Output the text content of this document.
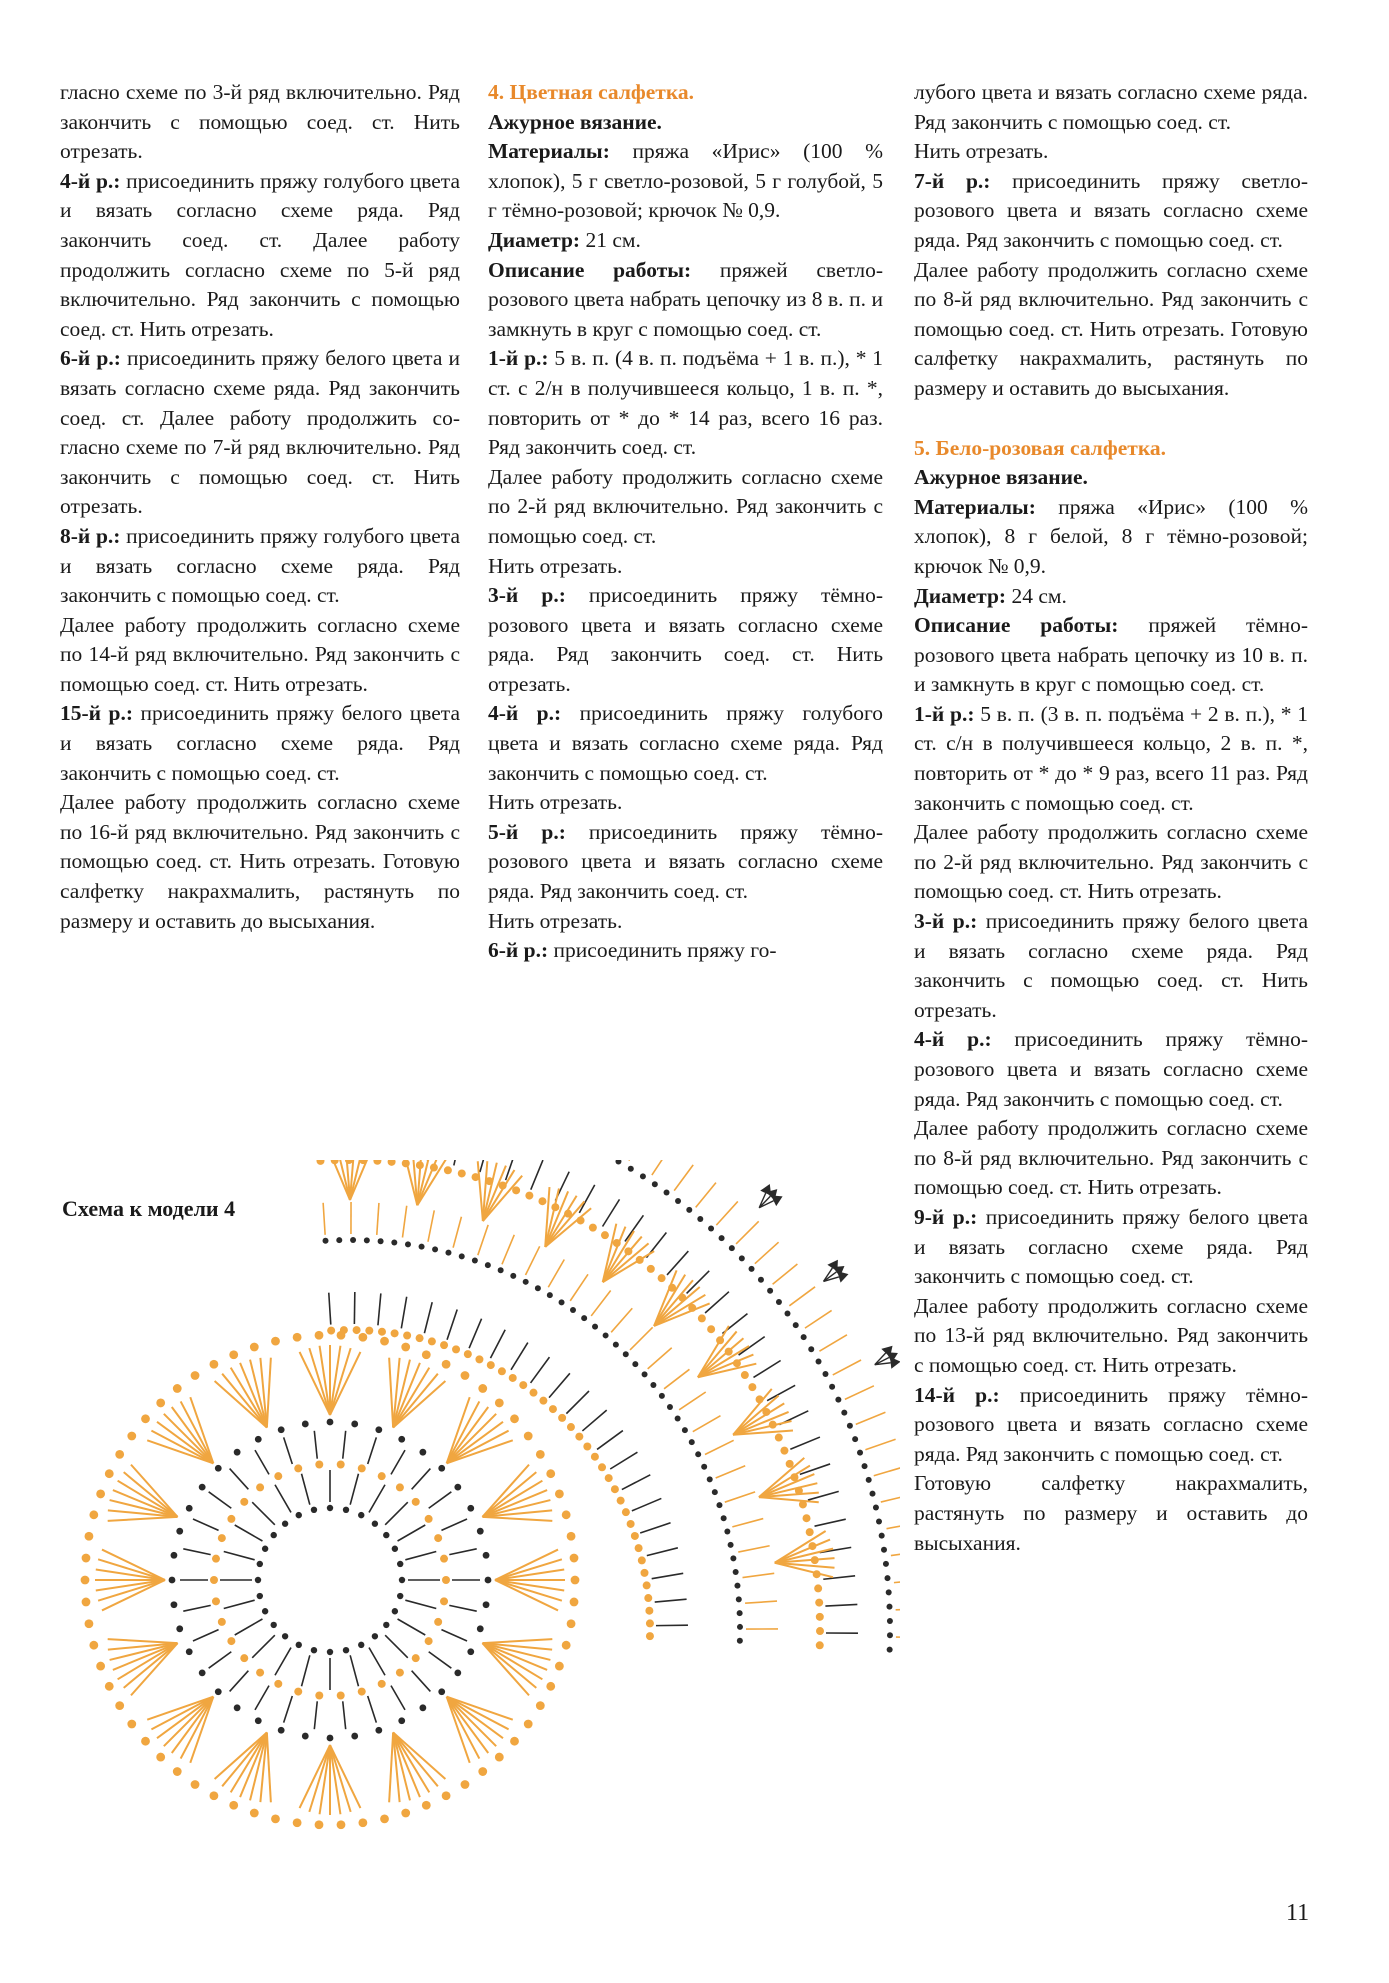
гласно схеме по 3-й ряд включительно. Ряд закончить с помощью соед. ст. Нить отрезать.

4-й р.: присоединить пряжу голубого цвета и вязать согласно схеме ряда. Ряд закончить соед. ст. Далее работу продолжить согласно схеме по 5-й ряд включительно. Ряд закончить с помощью соед. ст. Нить отрезать.

6-й р.: присоединить пряжу белого цвета и вязать согласно схеме ряда. Ряд закончить соед. ст. Далее работу продолжить согласно схеме по 7-й ряд включительно. Ряд закончить с помощью соед. ст. Нить отрезать.

8-й р.: присоединить пряжу голубого цвета и вязать согласно схеме ряда. Ряд закончить с помощью соед. ст.

Далее работу продолжить согласно схеме по 14-й ряд включительно. Ряд закончить с помощью соед. ст. Нить отрезать.

15-й р.: присоединить пряжу белого цвета и вязать согласно схеме ряда. Ряд закончить с помощью соед. ст.

Далее работу продолжить согласно схеме по 16-й ряд включительно. Ряд закончить с помощью соед. ст. Нить отрезать. Готовую салфетку накрахмалить, растянуть по размеру и оставить до высыхания.

4. Цветная салфетка.

Ажурное вязание.

Материалы: пряжа «Ирис» (100 % хлопок), 5 г светло-розовой, 5 г голубой, 5 г тёмно-розовой; крючок № 0,9.

Диаметр: 21 см.

Описание работы: пряжей светло-розового цвета набрать цепочку из 8 в. п. и замкнуть в круг с помощью соед. ст.

1-й р.: 5 в. п. (4 в. п. подъёма + 1 в. п.), * 1 ст. с 2/н в получившееся кольцо, 1 в. п. *, повторить от * до * 14 раз, всего 16 раз. Ряд закончить соед. ст.

Далее работу продолжить согласно схеме по 2-й ряд включительно. Ряд закончить с помощью соед. ст.

Нить отрезать.

3-й р.: присоединить пряжу тёмно-розового цвета и вязать согласно схеме ряда. Ряд закончить соед. ст. Нить отрезать.

4-й р.: присоединить пряжу голубого цвета и вязать согласно схеме ряда. Ряд закончить с помощью соед. ст.

Нить отрезать.

5-й р.: присоединить пряжу тёмно-розового цвета и вязать согласно схеме ряда. Ряд закончить соед. ст.

Нить отрезать.

6-й р.: присоединить пряжу го-

лубого цвета и вязать согласно схеме ряда. Ряд закончить с помощью соед. ст.

Нить отрезать.

7-й р.: присоединить пряжу светло-розового цвета и вязать согласно схеме ряда. Ряд закончить с помощью соед. ст.

Далее работу продолжить согласно схеме по 8-й ряд включительно. Ряд закончить с помощью соед. ст. Нить отрезать. Готовую салфетку накрахмалить, растянуть по размеру и оставить до высыхания.

5. Бело-розовая салфетка.

Ажурное вязание.

Материалы: пряжа «Ирис» (100 % хлопок), 8 г белой, 8 г тёмно-розовой; крючок № 0,9.

Диаметр: 24 см.

Описание работы: пряжей тёмно-розового цвета набрать цепочку из 10 в. п. и замкнуть в круг с помощью соед. ст.

1-й р.: 5 в. п. (3 в. п. подъёма + 2 в. п.), * 1 ст. с/н в получившееся кольцо, 2 в. п. *, повторить от * до * 9 раз, всего 11 раз. Ряд закончить с помощью соед. ст.

Далее работу продолжить согласно схеме по 2-й ряд включительно. Ряд закончить с помощью соед. ст. Нить отрезать.

3-й р.: присоединить пряжу белого цвета и вязать согласно схеме ряда. Ряд закончить с помощью соед. ст. Нить отрезать.

4-й р.: присоединить пряжу тёмно-розового цвета и вязать согласно схеме ряда. Ряд закончить с помощью соед. ст.

Далее работу продолжить согласно схеме по 8-й ряд включительно. Ряд закончить с помощью соед. ст. Нить отрезать.

9-й р.: присоединить пряжу белого цвета и вязать согласно схеме ряда. Ряд закончить с помощью соед. ст.

Далее работу продолжить согласно схеме по 13-й ряд включительно. Ряд закончить с помощью соед. ст. Нить отрезать.

14-й р.: присоединить пряжу тёмно-розового цвета и вязать согласно схеме ряда. Ряд закончить с помощью соед. ст.

Готовую салфетку накрахмалить, растянуть по размеру и оставить до высыхания.

Схема к модели 4
11
